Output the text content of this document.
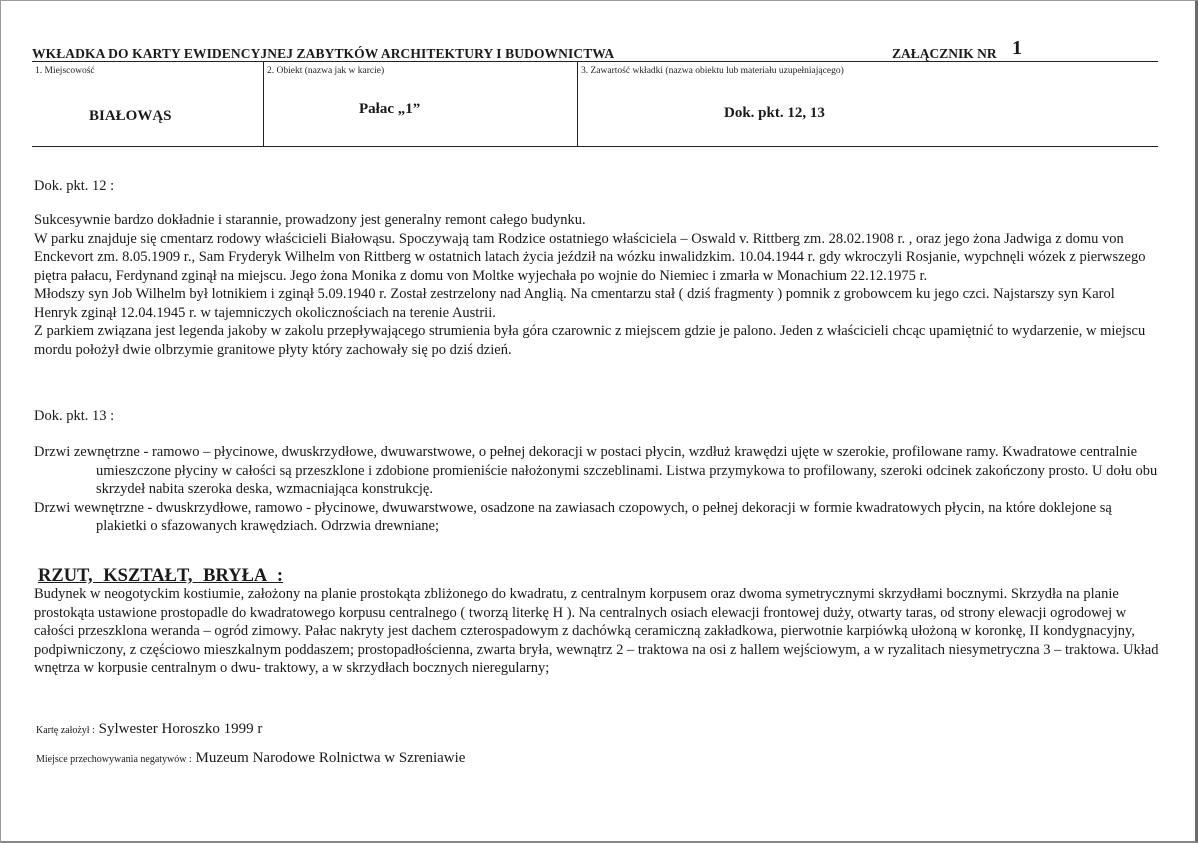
WKŁADKA DO KARTY EWIDENCYJNEJ ZABYTKÓW ARCHITEKTURY I BUDOWNICTWA	ZAŁĄCZNIK NR 1
1. Miejscowość	2. Obiekt (nazwa jak w karcie)	3. Zawartość wkładki (nazwa obiektu lub materiału uzupełniającego)
BIAŁOWĄS	Pałac „1”	Dok. pkt. 12, 13
Dok. pkt. 12 :

Sukcesywnie bardzo dokładnie i starannie, prowadzony jest generalny remont całego budynku.

W parku znajduje się cmentarz rodowy właścicieli Białowąsu. Spoczywają tam Rodzice ostatniego właściciela – Oswald v. Rittberg zm. 28.02.1908 r. , oraz jego żona Jadwiga z domu von Enckevort zm. 8.05.1909 r., Sam Fryderyk Wilhelm von Rittberg w ostatnich latach życia jeździł na wózku inwalidzkim. 10.04.1944 r. gdy wkroczyli Rosjanie, wypchnęli wózek z pierwszego piętra pałacu, Ferdynand zginął na miejscu. Jego żona Monika z domu von Moltke wyjechała po wojnie do Niemiec i zmarła w Monachium 22.12.1975 r.

Młodszy syn Job Wilhelm był lotnikiem i zginął 5.09.1940 r. Został zestrzelony nad Anglią. Na cmentarzu stał ( dziś fragmenty ) pomnik z grobowcem ku jego czci. Najstarszy syn Karol Henryk zginął 12.04.1945 r. w tajemniczych okolicznościach na terenie Austrii.

Z parkiem związana jest legenda jakoby w zakolu przepływającego strumienia była góra czarownic z miejscem gdzie je palono. Jeden z właścicieli chcąc upamiętnić to wydarzenie, w miejscu mordu położył dwie olbrzymie granitowe płyty który zachowały się po dziś dzień.

Dok. pkt. 13 :

Drzwi zewnętrzne - ramowo – płycinowe, dwuskrzydłowe, dwuwarstwowe, o pełnej dekoracji w postaci płycin, wzdłuż krawędzi ujęte w szerokie, profilowane ramy. Kwadratowe centralnie umieszczone płyciny w całości są przeszklone i zdobione promieniście nałożonymi szczeblinami. Listwa przymykowa to profilowany, szeroki odcinek zakończony prosto. U dołu obu skrzydeł nabita szeroka deska, wzmacniająca konstrukcję.

Drzwi wewnętrzne - dwuskrzydłowe, ramowo - płycinowe, dwuwarstwowe, osadzone na zawiasach czopowych, o pełnej dekoracji w formie kwadratowych płycin, na które doklejone są plakietki o sfazowanych krawędziach. Odrzwia drewniane;

RZUT, KSZTAŁT, BRYŁA :
Budynek w neogotyckim kostiumie, założony na planie prostokąta zbliżonego do kwadratu, z centralnym korpusem oraz dwoma symetrycznymi skrzydłami bocznymi. Skrzydła na planie prostokąta ustawione prostopadle do kwadratowego korpusu centralnego ( tworzą literkę H ). Na centralnych osiach elewacji frontowej duży, otwarty taras, od strony elewacji ogrodowej w całości przeszklona weranda – ogród zimowy. Pałac nakryty jest dachem czterospadowym z dachówką ceramiczną zakładkowa, pierwotnie karpiówką ułożoną w koronkę, II kondygnacyjny, podpiwniczony, z częściowo mieszkalnym poddaszem; prostopadłościenna, zwarta bryła, wewnątrz 2 – traktowa na osi z hallem wejściowym, a w ryzalitach niesymetryczna 3 – traktowa. Układ wnętrza w korpusie centralnym o dwu- traktowy, a w skrzydłach bocznych nieregularny;
Kartę założył : Sylwester Horoszko 1999 r
Miejsce przechowywania negatywów : Muzeum Narodowe Rolnictwa w Szreniawie
